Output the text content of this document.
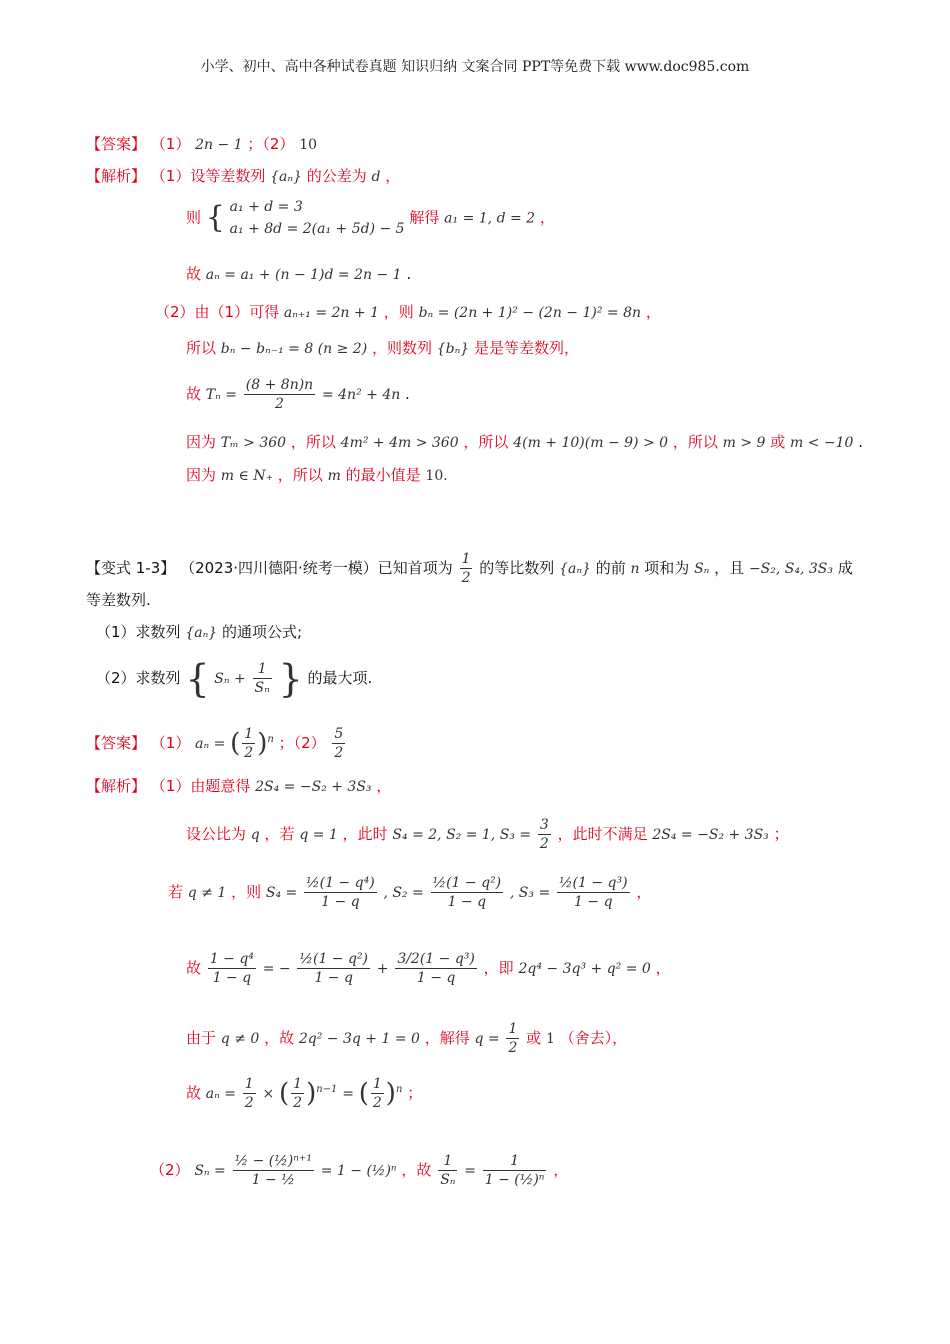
小学、初中、高中各种试卷真题 知识归纳 文案合同 PPT等免费下载 www.doc985.com
【答案】 （1） 2n − 1 ；（2） 10
【解析】 （1）设等差数列 {aₙ} 的公差为 d ，
则 { a₁ + d = 3
a₁ + 8d = 2(a₁ + 5d) − 5
解得 a₁ = 1, d = 2 ，
故 aₙ = a₁ + (n − 1)d = 2n − 1 .
（2）由（1）可得 aₙ₊₁ = 2n + 1 ，则 bₙ = (2n + 1)² − (2n − 1)² = 8n ，
所以 bₙ − bₙ₋₁ = 8 (n ≥ 2) ，则数列 {bₙ} 是是等差数列，
故 $T_n = \frac{(8 + 8n)n}{2} = 4n^2 + 4n$ .
因为 Tₘ > 360 ，所以 4m² + 4m > 360 ，所以 4(m + 10)(m − 9) > 0 ，所以 m > 9 或 m < −10 .
因为 m ∈ N₊ ，所以 m 的最小值是 10.
【变式 1-3】 （2023·四川德阳·统考一模）已知首项为 $\frac{1}{2}$ 的等比数列 {aₙ} 的前 n 项和为 Sₙ ，且 −S₂, S₄, 3S₃ 成
等差数列.
（1）求数列 {aₙ} 的通项公式;
（2）求数列 { $S_n + \frac{1}{\text{Sₙ}}$ } 的最大项.
【答案】 （1） aₙ = ( $\frac{1}{2} )^n$ ；$(2) \frac{5}{2}$
【解析】 （1）由题意得 2S₄ = −S₂ + 3S₃ ，
设公比为 q ，若 q = 1 ，此时 S₄ = 2, S₂ = 1, $S_3 = \frac{3}{2}$ ，此时不满足 2S₄ = −S₂ + 3S₃ ；
若 q ≠ 1 ，则 $S_4 = \frac{\text{½(1 − q⁴)}}{1 - q}$ , $S_2 = \frac{\text{½(1 − q²)}}{1 - q}$ , $S_3 = \frac{\text{½(1 − q³)}}{1 - q}$ ，
故 $\frac{\text{1 − q⁴}}{1 - q}$ = − $\frac{\text{½(1 − q²)}}{1 - q} + \frac{\text{3/2(1 − q³)}}{1 - q}$ ，即 2q⁴ − 3q³ + q² = 0 ，
由于 q ≠ 0 ，故 2q² − 3q + 1 = 0 ，解得 $q = \frac{1}{2}$ 或 1 （舍去），
故 $a_n = \frac{1}{2}$ × ( $\frac{1}{2} )^{n-1}$ = ( $\frac{1}{2} )^n$ ；
（2） $S_n = \frac{\text{½ − (½)ⁿ⁺¹}}{\text{1 − ½}} = 1$ − (½)ⁿ ，故 $\frac{1}{\text{Sₙ}} = \frac{1}{\text{1 − (½)ⁿ}}$ ，
